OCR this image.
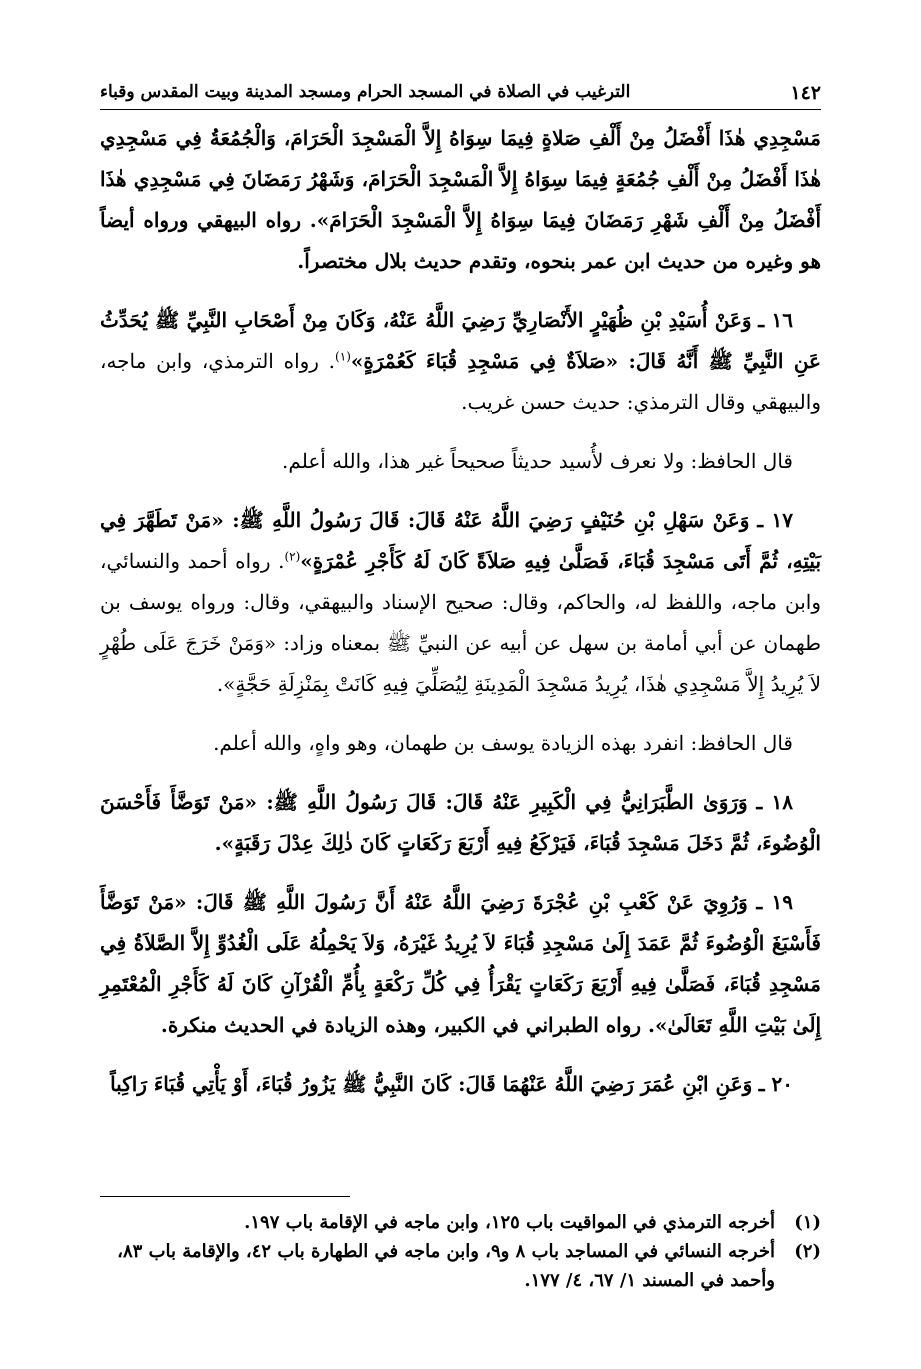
١٤٢
الترغيب في الصلاة في المسجد الحرام ومسجد المدينة وبيت المقدس وقباء

مَسْجِدِي هٰذَا أَفْضَلُ مِنْ أَلْفِ صَلاةٍ فِيمَا سِوَاهُ إِلاَّ الْمَسْجِدَ الْحَرَامَ، وَالْجُمُعَةُ فِي مَسْجِدِي هٰذَا أَفْضَلُ مِنْ أَلْفِ جُمُعَةٍ فِيمَا سِوَاهُ إِلاَّ الْمَسْجِدَ الْحَرَامَ، وَشَهْرُ رَمَضَانَ فِي مَسْجِدِي هٰذَا أَفْضَلُ مِنْ أَلْفِ شَهْرِ رَمَضَانَ فِيمَا سِوَاهُ إِلاَّ الْمَسْجِدَ الْحَرَامَ». رواه البيهقي ورواه أيضاً هو وغيره من حديث ابن عمر بنحوه، وتقدم حديث بلال مختصراً.

١٦ ـ وَعَنْ أُسَيْدِ بْنِ ظُهَيْرٍ الأَنْصَارِيِّ رَضِيَ اللَّهُ عَنْهُ، وَكَانَ مِنْ أَصْحَابِ النَّبِيِّ ﷺ يُحَدِّثُ عَنِ النَّبِيِّ ﷺ أَنَّهُ قَالَ: «صَلاَةٌ فِي مَسْجِدِ قُبَاءَ كَعُمْرَةٍ»$^{(١)}$. رواه الترمذي، وابن ماجه، والبيهقي وقال الترمذي: حديث حسن غريب.

قال الحافظ: ولا نعرف لأُسيد حديثاً صحيحاً غير هذا، والله أعلم.

١٧ ـ وَعَنْ سَهْلِ بْنِ حُنَيْفٍ رَضِيَ اللَّهُ عَنْهُ قَالَ: قَالَ رَسُولُ اللَّهِ ﷺ: «مَنْ تَطَهَّرَ فِي بَيْتِهِ، ثُمَّ أَتَى مَسْجِدَ قُبَاءَ، فَصَلَّىٰ فِيهِ صَلاَةً كَانَ لَهُ كَأَجْرِ عُمْرَةٍ»$^{(٢)}$. رواه أحمد والنسائي، وابن ماجه، واللفظ له، والحاكم، وقال: صحيح الإسناد والبيهقي، وقال: ورواه يوسف بن طهمان عن أبي أمامة بن سهل عن أبيه عن النبيِّ ﷺ بمعناه وزاد: «وَمَنْ خَرَجَ عَلَى طُهْرٍ لاَ يُرِيدُ إِلاَّ مَسْجِدِي هٰذَا، يُرِيدُ مَسْجِدَ الْمَدِينَةِ لِيُصَلِّيَ فِيهِ كَانَتْ بِمَنْزِلَةِ حَجَّةٍ».

قال الحافظ: انفرد بهذه الزيادة يوسف بن طهمان، وهو واهٍ، والله أعلم.

١٨ ـ وَرَوَىٰ الطَّبَرَانِيُّ فِي الْكَبِيرِ عَنْهُ قَالَ: قَالَ رَسُولُ اللَّهِ ﷺ: «مَنْ تَوَضَّأَ فَأَحْسَنَ الْوُضُوءَ، ثُمَّ دَخَلَ مَسْجِدَ قُبَاءَ، فَيَرْكَعُ فِيهِ أَرْبَعَ رَكَعَاتٍ كَانَ ذٰلِكَ عِدْلَ رَقَبَةٍ».

١٩ ـ وَرُوِيَ عَنْ كَعْبِ بْنِ عُجْرَةَ رَضِيَ اللَّهُ عَنْهُ أَنَّ رَسُولَ اللَّهِ ﷺ قَالَ: «مَنْ تَوَضَّأَ فَأَسْبَغَ الْوُضُوءَ ثُمَّ عَمَدَ إِلَىٰ مَسْجِدِ قُبَاءَ لاَ يُرِيدُ غَيْرَهُ، وَلاَ يَحْمِلُهُ عَلَى الْغُدُوِّ إِلاَّ الصَّلاَةُ فِي مَسْجِدِ قُبَاءَ، فَصَلَّىٰ فِيهِ أَرْبَعَ رَكَعَاتٍ يَقْرَأُ فِي كُلِّ رَكْعَةٍ بِأُمِّ الْقُرْآنِ كَانَ لَهُ كَأَجْرِ الْمُعْتَمِرِ إِلَىٰ بَيْتِ اللَّهِ تَعَالَىٰ». رواه الطبراني في الكبير، وهذه الزيادة في الحديث منكرة.

٢٠ ـ وَعَنِ ابْنِ عُمَرَ رَضِيَ اللَّهُ عَنْهُمَا قَالَ: كَانَ النَّبِيُّ ﷺ يَزُورُ قُبَاءَ، أَوْ يَأْتِي قُبَاءَ رَاكِباً

(١)
أخرجه الترمذي في المواقيت باب ١٢٥، وابن ماجه في الإقامة باب ١٩٧.
(٢)
أخرجه النسائي في المساجد باب ٨ و٩، وابن ماجه في الطهارة باب ٤٢، والإقامة باب ٨٣، وأحمد في المسند ١/ ٦٧، ٤/ ١٧٧.
